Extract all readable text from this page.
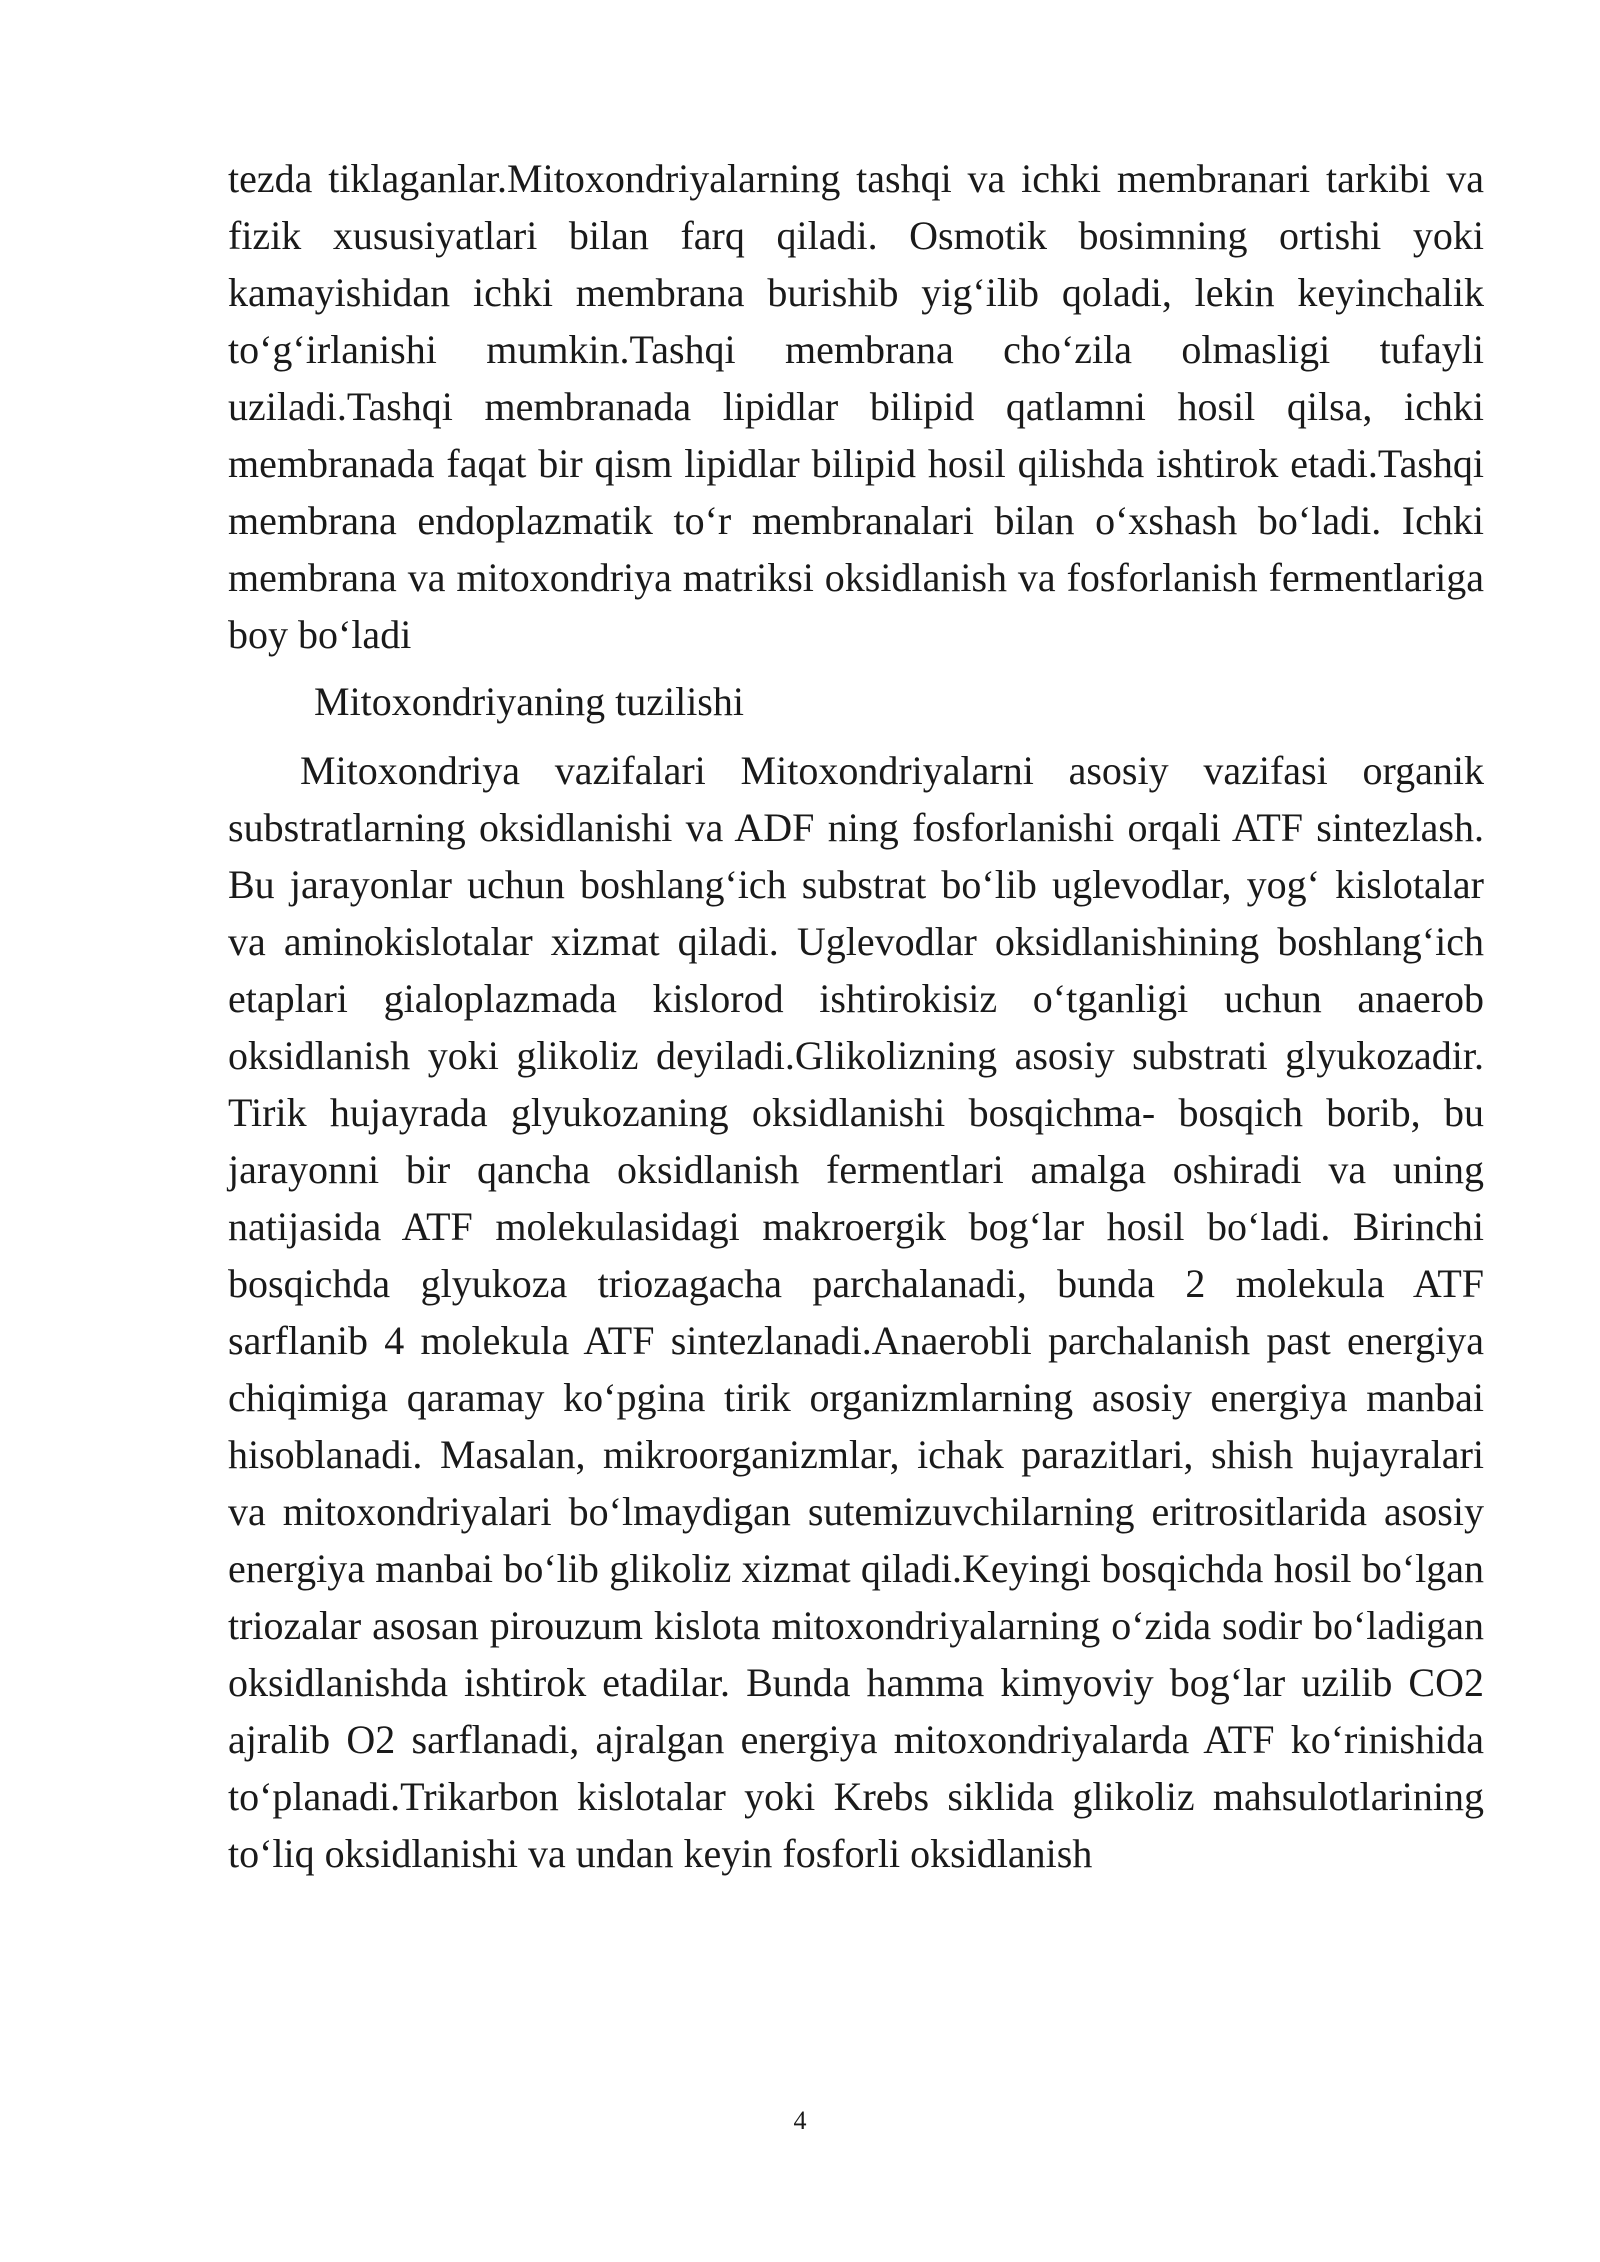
tezda tiklaganlar.Mitoxondriyalarning tashqi va ichki membranari tarkibi va fizik xususiyatlari bilan farq qiladi. Osmotik bosimning ortishi yoki kamayishidan ichki membrana burishib yig‘ilib qoladi, lekin keyinchalik to‘g‘irlanishi mumkin.Tashqi membrana cho‘zila olmasligi tufayli uziladi.Tashqi membranada lipidlar bilipid qatlamni hosil qilsa, ichki membranada faqat bir qism lipidlar bilipid hosil qilishda ishtirok etadi.Tashqi membrana endoplazmatik to‘r membranalari bilan o‘xshash bo‘ladi. Ichki membrana va mitoxondriya matriksi oksidlanish va fosforlanish fermentlariga boy bo‘ladi

Mitoxondriyaning tuzilishi

Mitoxondriya vazifalari Mitoxondriyalarni asosiy vazifasi organik substratlarning oksidlanishi va ADF ning fosforlanishi orqali ATF sintezlash. Bu jarayonlar uchun boshlang‘ich substrat bo‘lib uglevodlar, yog‘ kislotalar va aminokislotalar xizmat qiladi. Uglevodlar oksidlanishining boshlang‘ich etaplari gialoplazmada kislorod ishtirokisiz o‘tganligi uchun anaerob oksidlanish yoki glikoliz deyiladi.Glikolizning asosiy substrati glyukozadir. Tirik hujayrada glyukozaning oksidlanishi bosqichma- bosqich borib, bu jarayonni bir qancha oksidlanish fermentlari amalga oshiradi va uning natijasida ATF molekulasidagi makroergik bog‘lar hosil bo‘ladi. Birinchi bosqichda glyukoza triozagacha parchalanadi, bunda 2 molekula ATF sarflanib 4 molekula ATF sintezlanadi.Anaerobli parchalanish past energiya chiqimiga qaramay ko‘pgina tirik organizmlarning asosiy energiya manbai hisoblanadi. Masalan, mikroorganizmlar, ichak parazitlari, shish hujayralari va mitoxondriyalari bo‘lmaydigan sutemizuvchilarning eritrositlarida asosiy energiya manbai bo‘lib glikoliz xizmat qiladi.Keyingi bosqichda hosil bo‘lgan triozalar asosan pirouzum kislota mitoxondriyalarning o‘zida sodir bo‘ladigan oksidlanishda ishtirok etadilar. Bunda hamma kimyoviy bog‘lar uzilib CO2 ajralib O2 sarflanadi, ajralgan energiya mitoxondriyalarda ATF ko‘rinishida to‘planadi.Trikarbon kislotalar yoki Krebs siklida glikoliz mahsulotlarining to‘liq oksidlanishi va undan keyin fosforli oksidlanish

4
